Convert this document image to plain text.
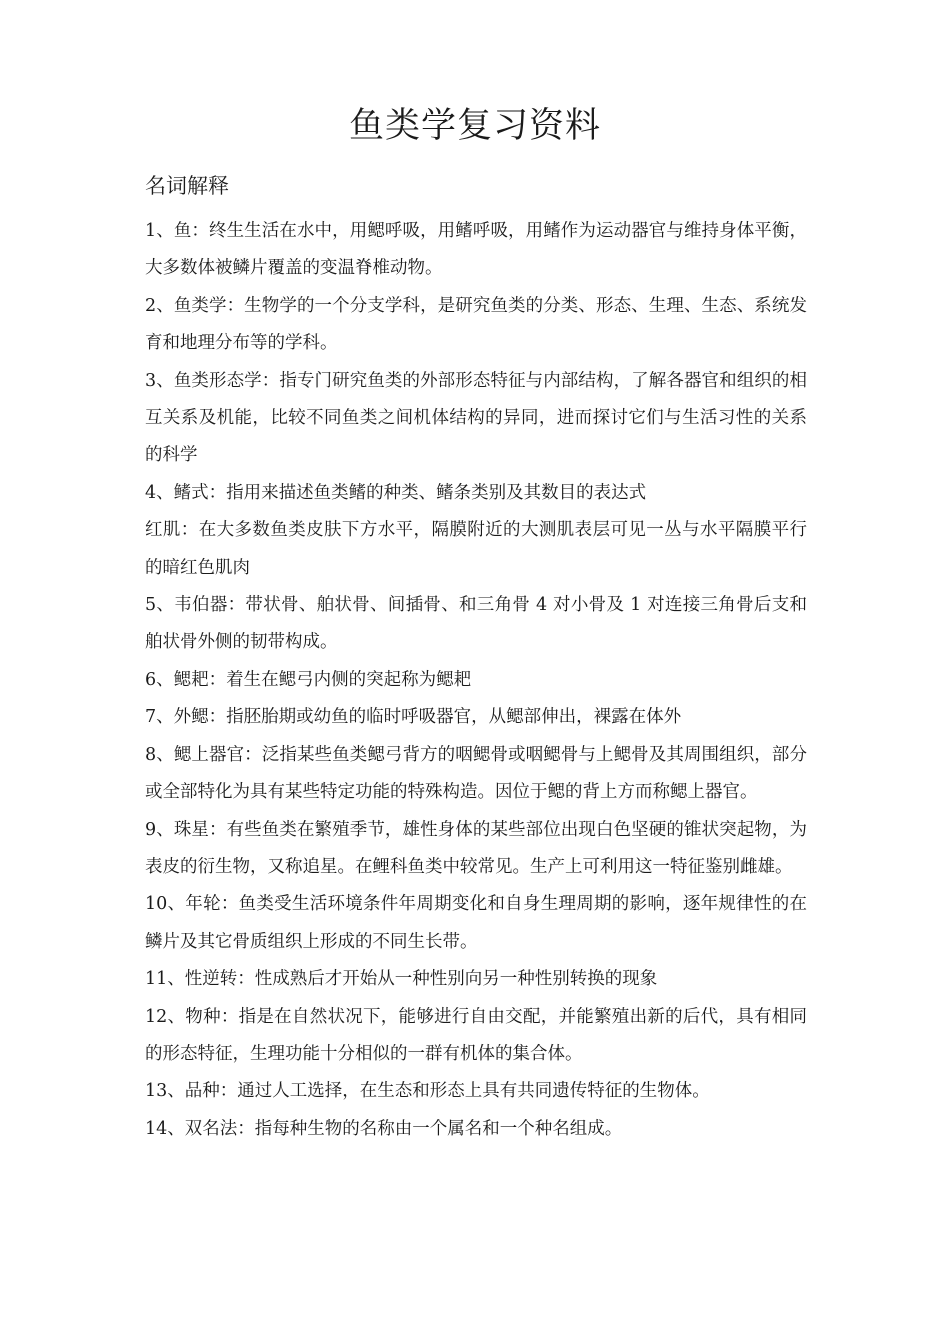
鱼类学复习资料
名词解释

1、鱼：终生生活在水中，用鳃呼吸，用鳍呼吸，用鳍作为运动器官与维持身体平衡，大多数体被鳞片覆盖的变温脊椎动物。

2、鱼类学：生物学的一个分支学科，是研究鱼类的分类、形态、生理、生态、系统发育和地理分布等的学科。

3、鱼类形态学：指专门研究鱼类的外部形态特征与内部结构，了解各器官和组织的相互关系及机能，比较不同鱼类之间机体结构的异同，进而探讨它们与生活习性的关系的科学

4、鳍式：指用来描述鱼类鳍的种类、鳍条类别及其数目的表达式

红肌：在大多数鱼类皮肤下方水平，隔膜附近的大测肌表层可见一丛与水平隔膜平行的暗红色肌肉

5、韦伯器：带状骨、舶状骨、间插骨、和三角骨 4 对小骨及 1 对连接三角骨后支和舶状骨外侧的韧带构成。

6、鳃耙：着生在鳃弓内侧的突起称为鳃耙

7、外鳃：指胚胎期或幼鱼的临时呼吸器官，从鳃部伸出，裸露在体外

8、鳃上器官：泛指某些鱼类鳃弓背方的咽鳃骨或咽鳃骨与上鳃骨及其周围组织，部分或全部特化为具有某些特定功能的特殊构造。因位于鳃的背上方而称鳃上器官。

9、珠星：有些鱼类在繁殖季节，雄性身体的某些部位出现白色坚硬的锥状突起物，为表皮的衍生物，又称追星。在鲤科鱼类中较常见。生产上可利用这一特征鉴别雌雄。

10、年轮：鱼类受生活环境条件年周期变化和自身生理周期的影响，逐年规律性的在鳞片及其它骨质组织上形成的不同生长带。

11、性逆转：性成熟后才开始从一种性别向另一种性别转换的现象

12、物种：指是在自然状况下，能够进行自由交配，并能繁殖出新的后代，具有相同的形态特征，生理功能十分相似的一群有机体的集合体。

13、品种：通过人工选择，在生态和形态上具有共同遗传特征的生物体。

14、双名法：指每种生物的名称由一个属名和一个种名组成。
